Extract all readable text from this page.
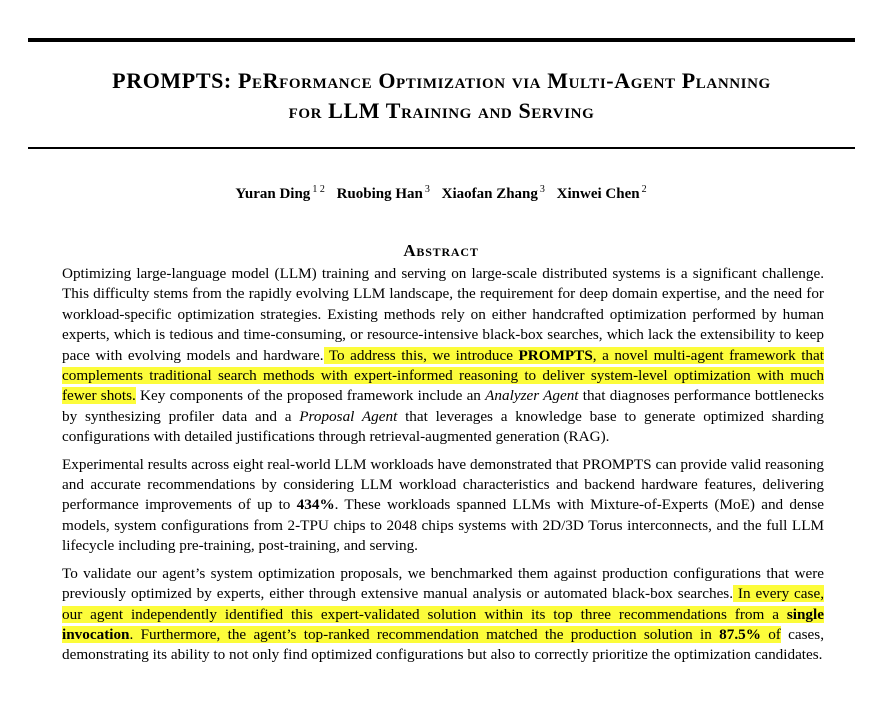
PROMPTS: PeRformance Optimization via Multi-Agent Planning
for LLM Training and Serving
Yuran Ding $^{1 2}$ Ruobing Han $^3$ Xiaofan Zhang $^3$ Xinwei Chen $^2$
Abstract

Optimizing large-language model (LLM) training and serving on large-scale distributed systems is a significant challenge. This difficulty stems from the rapidly evolving LLM landscape, the requirement for deep domain expertise, and the need for workload-specific optimization strategies. Existing methods rely on either handcrafted optimization performed by human experts, which is tedious and time-consuming, or resource-intensive black-box searches, which lack the extensibility to keep pace with evolving models and hardware. To address this, we introduce PROMPTS, a novel multi-agent framework that complements traditional search methods with expert-informed reasoning to deliver system-level optimization with much fewer shots. Key components of the proposed framework include an Analyzer Agent that diagnoses performance bottlenecks by synthesizing profiler data and a Proposal Agent that leverages a knowledge base to generate optimized sharding configurations with detailed justifications through retrieval-augmented generation (RAG).

Experimental results across eight real-world LLM workloads have demonstrated that PROMPTS can provide valid reasoning and accurate recommendations by considering LLM workload characteristics and backend hardware features, delivering performance improvements of up to 434%. These workloads spanned LLMs with Mixture-of-Experts (MoE) and dense models, system configurations from 2-TPU chips to 2048 chips systems with 2D/3D Torus interconnects, and the full LLM lifecycle including pre-training, post-training, and serving.

To validate our agent’s system optimization proposals, we benchmarked them against production configurations that were previously optimized by experts, either through extensive manual analysis or automated black-box searches. In every case, our agent independently identified this expert-validated solution within its top three recommendations from a single invocation. Furthermore, the agent’s top-ranked recommendation matched the production solution in 87.5% of cases, demonstrating its ability to not only find optimized configurations but also to correctly prioritize the optimization candidates.
